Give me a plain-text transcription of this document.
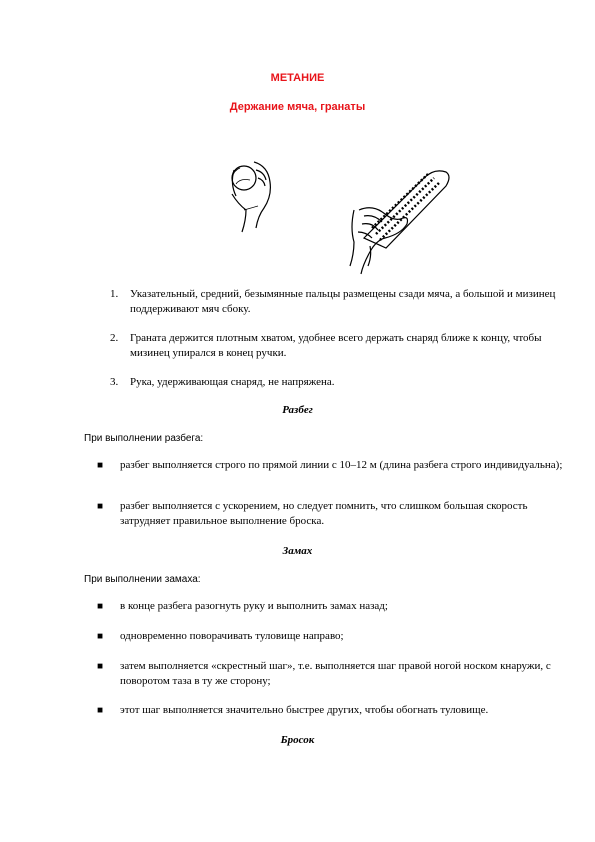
МЕТАНИЕ
Держание мяча, гранаты
1.	Указательный, средний, безымянные пальцы размещены сзади мяча, а большой и мизинец поддерживают мяч сбоку.
2.	Граната держится плотным хватом, удобнее всего держать снаряд ближе к концу, чтобы мизинец упирался в конец ручки.
3.	Рука, удерживающая снаряд, не напряжена.
Разбег
При выполнении разбега:
■ разбег выполняется строго по прямой линии с 10–12 м (длина разбега строго индивидуальна);
■ разбег выполняется с ускорением, но следует помнить, что слишком большая скорость затрудняет правильное выполнение броска.
Замах
При выполнении замаха:
■ в конце разбега разогнуть руку и выполнить замах назад;
■ одновременно поворачивать туловище направо;
■ затем выполняется «скрестный шаг», т.е. выполняется шаг правой ногой носком кнаружи, с поворотом таза в ту же сторону;
■ этот шаг выполняется значительно быстрее других, чтобы обогнать туловище.
Бросок
